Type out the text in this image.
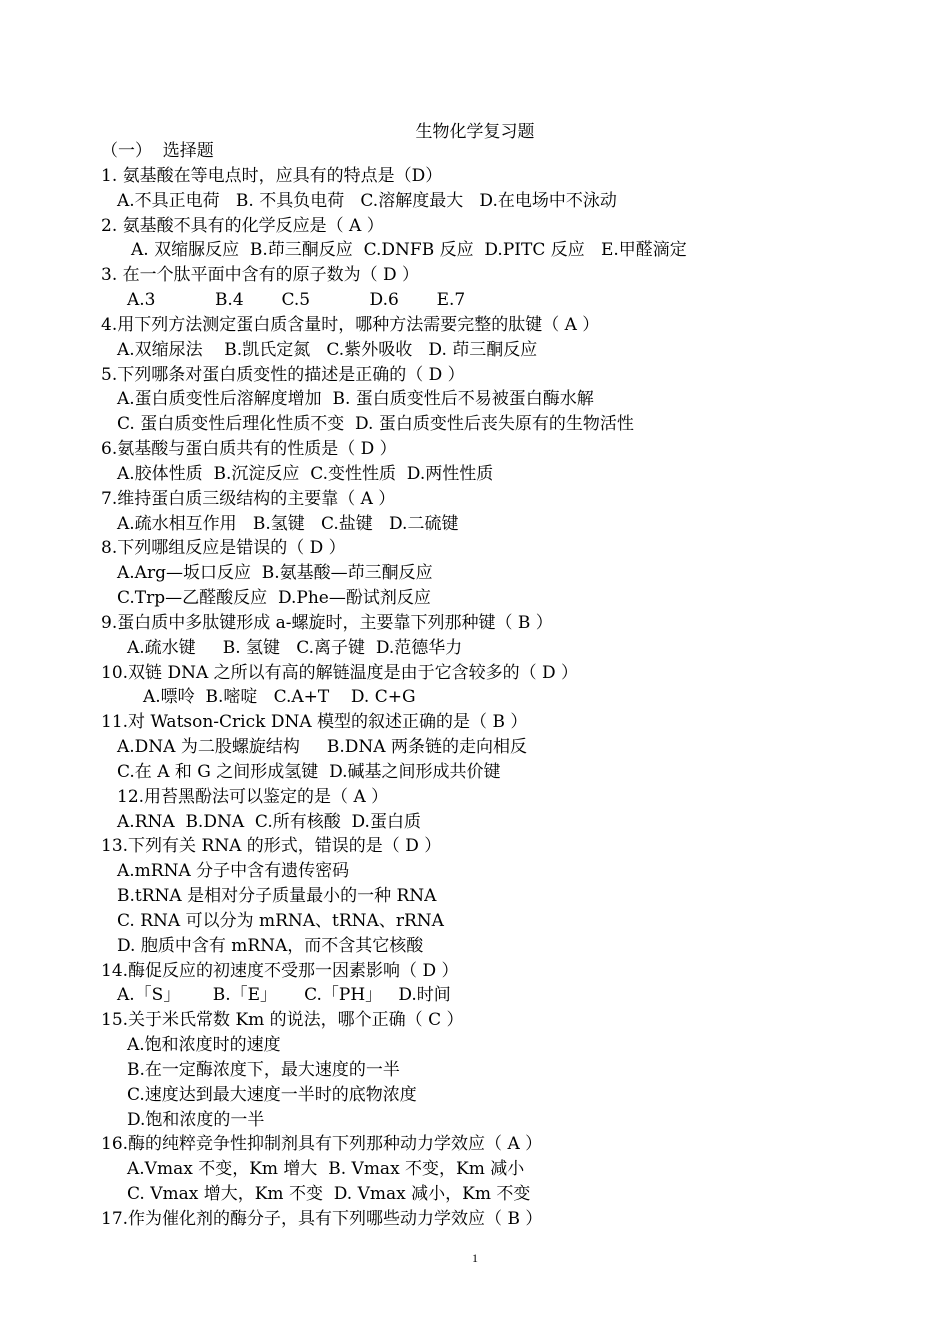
生物化学复习题
（一）  选择题
1. 氨基酸在等电点时，应具有的特点是（D）
A.不具正电荷   B. 不具负电荷   C.溶解度最大   D.在电场中不泳动
2. 氨基酸不具有的化学反应是（ A ）
A. 双缩脲反应  B.茚三酮反应  C.DNFB 反应  D.PITC 反应   E.甲醛滴定
3. 在一个肽平面中含有的原子数为（ D ）
A.3           B.4       C.5           D.6       E.7
4.用下列方法测定蛋白质含量时，哪种方法需要完整的肽键（ A ）
A.双缩尿法    B.凯氏定氮   C.紫外吸收   D. 茚三酮反应
5.下列哪条对蛋白质变性的描述是正确的（ D ）
A.蛋白质变性后溶解度增加  B. 蛋白质变性后不易被蛋白酶水解
C. 蛋白质变性后理化性质不变  D. 蛋白质变性后丧失原有的生物活性
6.氨基酸与蛋白质共有的性质是（ D ）
A.胶体性质  B.沉淀反应  C.变性性质  D.两性性质
7.维持蛋白质三级结构的主要靠（ A ）
A.疏水相互作用   B.氢键   C.盐键   D.二硫键
8.下列哪组反应是错误的（ D ）
A.Arg—坂口反应  B.氨基酸—茚三酮反应
C.Trp—乙醛酸反应  D.Phe—酚试剂反应
9.蛋白质中多肽键形成 a-螺旋时，主要靠下列那种键（ B ）
A.疏水键     B. 氢键   C.离子键  D.范德华力
10.双链 DNA 之所以有高的解链温度是由于它含较多的（ D ）
A.嘌呤  B.嘧啶   C.A+T    D. C+G
11.对 Watson-Crick DNA 模型的叙述正确的是（ B ）
A.DNA 为二股螺旋结构     B.DNA 两条链的走向相反
C.在 A 和 G 之间形成氢键  D.碱基之间形成共价键
12.用苔黑酚法可以鉴定的是（ A ）
A.RNA  B.DNA  C.所有核酸  D.蛋白质
13.下列有关 RNA 的形式，错误的是（ D ）
A.mRNA 分子中含有遗传密码
B.tRNA 是相对分子质量最小的一种 RNA
C. RNA 可以分为 mRNA、tRNA、rRNA
D. 胞质中含有 mRNA，而不含其它核酸
14.酶促反应的初速度不受那一因素影响（ D ）
A.「S」      B.「E」     C.「PH」   D.时间
15.关于米氏常数 Km 的说法，哪个正确（ C ）
A.饱和浓度时的速度
B.在一定酶浓度下，最大速度的一半
C.速度达到最大速度一半时的底物浓度
D.饱和浓度的一半
16.酶的纯粹竞争性抑制剂具有下列那种动力学效应（ A ）
A.Vmax 不变，Km 增大  B. Vmax 不变，Km 减小
C. Vmax 增大，Km 不变  D. Vmax 减小，Km 不变
17.作为催化剂的酶分子，具有下列哪些动力学效应（ B ）
1
